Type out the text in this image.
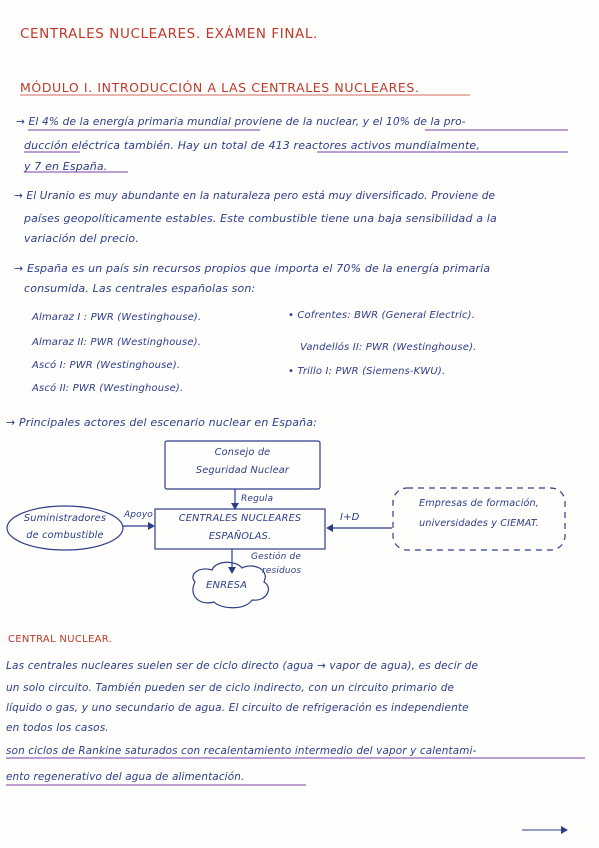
CENTRALES NUCLEARES. EXÁMEN FINAL.
MÓDULO I. INTRODUCCIÓN A LAS CENTRALES NUCLEARES.
→ El 4% de la energía primaria mundial proviene de la nuclear, y el 10% de la pro-
ducción eléctrica también. Hay un total de 413 reactores activos mundialmente,
y 7 en España.
→ El Uranio es muy abundante en la naturaleza pero está muy diversificado. Proviene de
países geopolíticamente estables. Este combustible tiene una baja sensibilidad a la
variación del precio.
→ España es un país sin recursos propios que importa el 70% de la energía primaria
consumida. Las centrales españolas son:
Almaraz I : PWR (Westinghouse).
Almaraz II: PWR (Westinghouse).
Ascó I: PWR (Westinghouse).
Ascó II: PWR (Westinghouse).
• Cofrentes: BWR (General Electric).
Vandellós II: PWR (Westinghouse).
• Trillo I: PWR (Siemens-KWU).
→ Principales actores del escenario nuclear en España:
Consejo de
Seguridad Nuclear
Regula
CENTRALES NUCLEARES
ESPAÑOLAS.
Suministradores
de combustible
Apoyo	I+D
Empresas de formación,
universidades y CIEMAT.
Gestión de
residuos
ENRESA
CENTRAL NUCLEAR.
Las centrales nucleares suelen ser de ciclo directo (agua → vapor de agua), es decir de
un solo circuito. También pueden ser de ciclo indirecto, con un circuito primario de
líquido o gas, y uno secundario de agua. El circuito de refrigeración es independiente
en todos los casos.
son ciclos de Rankine saturados con recalentamiento intermedio del vapor y calentami-
ento regenerativo del agua de alimentación.
